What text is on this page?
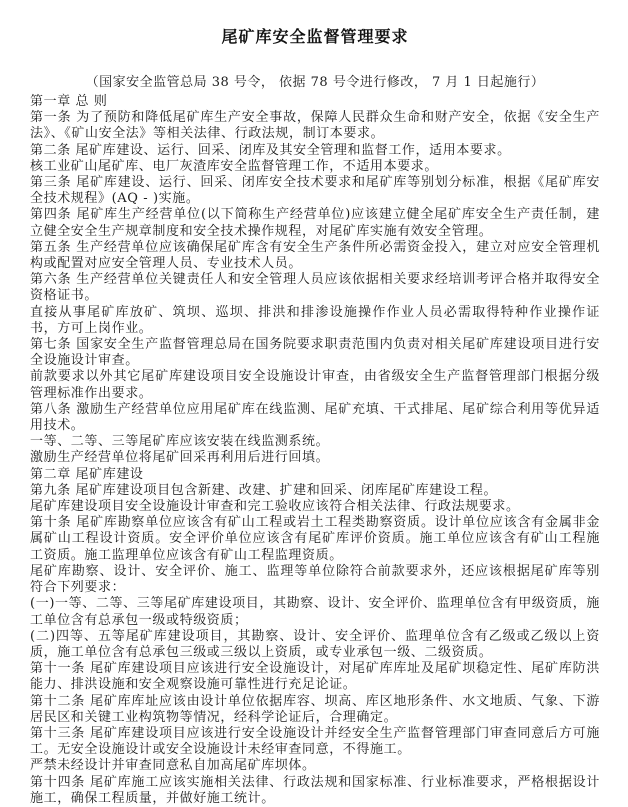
尾矿库安全监督管理要求
（国家安全监管总局 38 号令， 依据 78 号令进行修改， 7 月 1 日起施行）

第一章 总 则

第一条 为了预防和降低尾矿库生产安全事故，保障人民群众生命和财产安全，依据《安全生产法》、《矿山安全法》等相关法律、行政法规，制订本要求。

第二条 尾矿库建设、运行、回采、闭库及其安全管理和监督工作，适用本要求。

核工业矿山尾矿库、电厂灰渣库安全监督管理工作，不适用本要求。

第三条 尾矿库建设、运行、回采、闭库安全技术要求和尾矿库等别划分标准，根据《尾矿库安全技术规程》(AQ - )实施。

第四条 尾矿库生产经营单位(以下简称生产经营单位)应该建立健全尾矿库安全生产责任制，建立健全安全生产规章制度和安全技术操作规程，对尾矿库实施有效安全管理。

第五条 生产经营单位应该确保尾矿库含有安全生产条件所必需资金投入，建立对应安全管理机构或配置对应安全管理人员、专业技术人员。

第六条 生产经营单位关键责任人和安全管理人员应该依据相关要求经培训考评合格并取得安全资格证书。

直接从事尾矿库放矿、筑坝、巡坝、排洪和排渗设施操作作业人员必需取得特种作业操作证书，方可上岗作业。

第七条 国家安全生产监督管理总局在国务院要求职责范围内负责对相关尾矿库建设项目进行安全设施设计审查。

前款要求以外其它尾矿库建设项目安全设施设计审查，由省级安全生产监督管理部门根据分级管理标准作出要求。

第八条 激励生产经营单位应用尾矿库在线监测、尾矿充填、干式排尾、尾矿综合利用等优异适用技术。

一等、二等、三等尾矿库应该安装在线监测系统。

激励生产经营单位将尾矿回采再利用后进行回填。

第二章 尾矿库建设

第九条 尾矿库建设项目包含新建、改建、扩建和回采、闭库尾矿库建设工程。

尾矿库建设项目安全设施设计审查和完工验收应该符合相关法律、行政法规要求。

第十条 尾矿库勘察单位应该含有矿山工程或岩土工程类勘察资质。设计单位应该含有金属非金属矿山工程设计资质。安全评价单位应该含有尾矿库评价资质。施工单位应该含有矿山工程施工资质。施工监理单位应该含有矿山工程监理资质。

尾矿库勘察、设计、安全评价、施工、监理等单位除符合前款要求外，还应该根据尾矿库等别符合下列要求：

(一)一等、二等、三等尾矿库建设项目，其勘察、设计、安全评价、监理单位含有甲级资质，施工单位含有总承包一级或特级资质；

(二)四等、五等尾矿库建设项目，其勘察、设计、安全评价、监理单位含有乙级或乙级以上资质，施工单位含有总承包三级或三级以上资质，或专业承包一级、二级资质。

第十一条 尾矿库建设项目应该进行安全设施设计，对尾矿库库址及尾矿坝稳定性、尾矿库防洪能力、排洪设施和安全观察设施可靠性进行充足论证。

第十二条 尾矿库库址应该由设计单位依据库容、坝高、库区地形条件、水文地质、气象、下游居民区和关键工业构筑物等情况，经科学论证后，合理确定。

第十三条 尾矿库建设项目应该进行安全设施设计并经安全生产监督管理部门审查同意后方可施工。无安全设施设计或安全设施设计未经审查同意，不得施工。

严禁未经设计并审查同意私自加高尾矿库坝体。

第十四条 尾矿库施工应该实施相关法律、行政法规和国家标准、行业标准要求，严格根据设计施工，确保工程质量，并做好施工统计。
